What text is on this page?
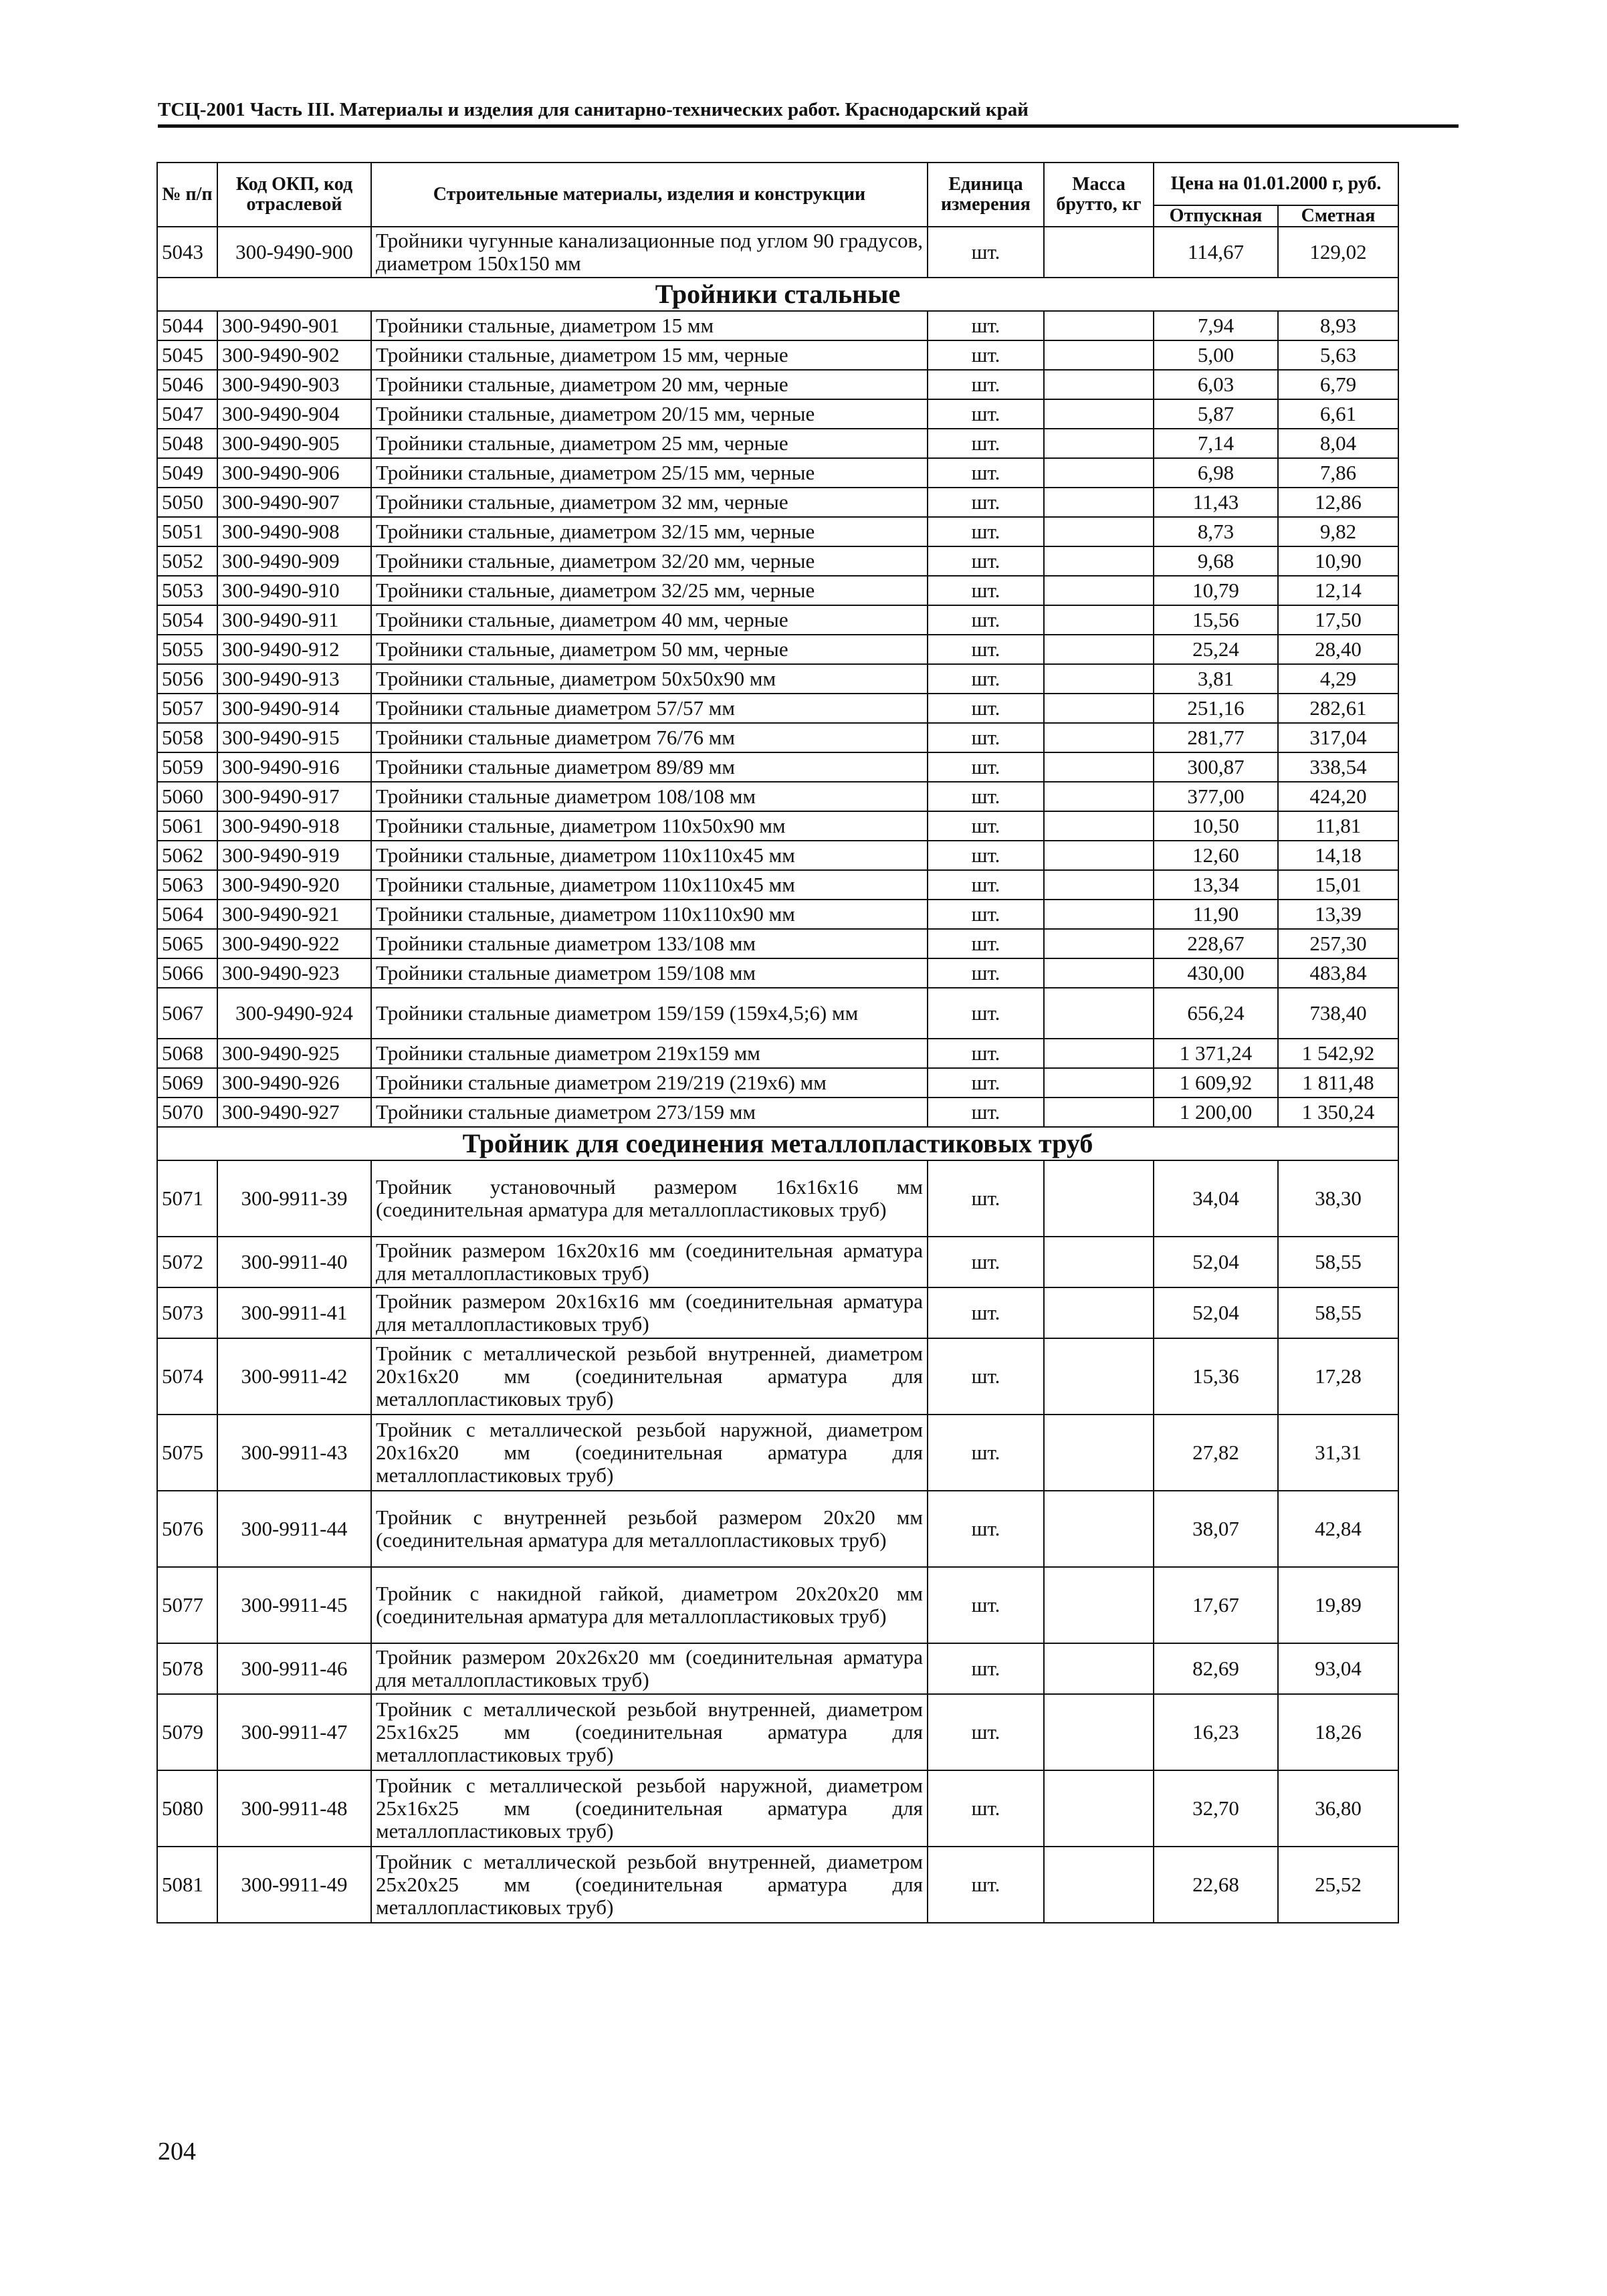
ТСЦ-2001 Часть III. Материалы и изделия для санитарно-технических работ. Краснодарский край
№ п/п	Код ОКП, код отраслевой	Строительные материалы, изделия и конструкции	Единица измерения	Масса брутто, кг	Цена на 01.01.2000 г, руб.	
					Отпускная	Сметная
5043	300-9490-900	Тройники чугунные канализационные под углом 90 градусов, диаметром 150x150 мм	шт.		114,67	129,02
Тройники стальные						
5044	300-9490-901	Тройники стальные, диаметром 15 мм	шт.		7,94	8,93
5045	300-9490-902	Тройники стальные, диаметром 15 мм, черные	шт.		5,00	5,63
5046	300-9490-903	Тройники стальные, диаметром 20 мм, черные	шт.		6,03	6,79
5047	300-9490-904	Тройники стальные, диаметром 20/15 мм, черные	шт.		5,87	6,61
5048	300-9490-905	Тройники стальные, диаметром 25 мм, черные	шт.		7,14	8,04
5049	300-9490-906	Тройники стальные, диаметром 25/15 мм, черные	шт.		6,98	7,86
5050	300-9490-907	Тройники стальные, диаметром 32 мм, черные	шт.		11,43	12,86
5051	300-9490-908	Тройники стальные, диаметром 32/15 мм, черные	шт.		8,73	9,82
5052	300-9490-909	Тройники стальные, диаметром 32/20 мм, черные	шт.		9,68	10,90
5053	300-9490-910	Тройники стальные, диаметром 32/25 мм, черные	шт.		10,79	12,14
5054	300-9490-911	Тройники стальные, диаметром 40 мм, черные	шт.		15,56	17,50
5055	300-9490-912	Тройники стальные, диаметром 50 мм, черные	шт.		25,24	28,40
5056	300-9490-913	Тройники стальные, диаметром 50x50x90 мм	шт.		3,81	4,29
5057	300-9490-914	Тройники стальные диаметром 57/57 мм	шт.		251,16	282,61
5058	300-9490-915	Тройники стальные диаметром 76/76 мм	шт.		281,77	317,04
5059	300-9490-916	Тройники стальные диаметром 89/89 мм	шт.		300,87	338,54
5060	300-9490-917	Тройники стальные диаметром 108/108 мм	шт.		377,00	424,20
5061	300-9490-918	Тройники стальные, диаметром 110x50x90 мм	шт.		10,50	11,81
5062	300-9490-919	Тройники стальные, диаметром 110x110x45 мм	шт.		12,60	14,18
5063	300-9490-920	Тройники стальные, диаметром 110x110x45 мм	шт.		13,34	15,01
5064	300-9490-921	Тройники стальные, диаметром 110x110x90 мм	шт.		11,90	13,39
5065	300-9490-922	Тройники стальные диаметром 133/108 мм	шт.		228,67	257,30
5066	300-9490-923	Тройники стальные диаметром 159/108 мм	шт.		430,00	483,84
5067	300-9490-924	Тройники стальные диаметром 159/159 (159x4,5;6) мм	шт.		656,24	738,40
5068	300-9490-925	Тройники стальные диаметром 219x159 мм	шт.		1 371,24	1 542,92
5069	300-9490-926	Тройники стальные диаметром 219/219 (219x6) мм	шт.		1 609,92	1 811,48
5070	300-9490-927	Тройники стальные диаметром 273/159 мм	шт.		1 200,00	1 350,24
Тройник для соединения металлопластиковых труб						
5071	300-9911-39	Тройник установочный размером 16x16x16 мм (соединительная арматура для металлопластиковых труб)	шт.		34,04	38,30
5072	300-9911-40	Тройник размером 16x20x16 мм (соединительная арматура для металлопластиковых труб)	шт.		52,04	58,55
5073	300-9911-41	Тройник размером 20x16x16 мм (соединительная арматура для металлопластиковых труб)	шт.		52,04	58,55
5074	300-9911-42	Тройник с металлической резьбой внутренней, диаметром 20x16x20 мм (соединительная арматура для металлопластиковых труб)	шт.		15,36	17,28
5075	300-9911-43	Тройник с металлической резьбой наружной, диаметром 20x16x20 мм (соединительная арматура для металлопластиковых труб)	шт.		27,82	31,31
5076	300-9911-44	Тройник с внутренней резьбой размером 20x20 мм (соединительная арматура для металлопластиковых труб)	шт.		38,07	42,84
5077	300-9911-45	Тройник с накидной гайкой, диаметром 20x20x20 мм (соединительная арматура для металлопластиковых труб)	шт.		17,67	19,89
5078	300-9911-46	Тройник размером 20x26x20 мм (соединительная арматура для металлопластиковых труб)	шт.		82,69	93,04
5079	300-9911-47	Тройник с металлической резьбой внутренней, диаметром 25x16x25 мм (соединительная арматура для металлопластиковых труб)	шт.		16,23	18,26
5080	300-9911-48	Тройник с металлической резьбой наружной, диаметром 25x16x25 мм (соединительная арматура для металлопластиковых труб)	шт.		32,70	36,80
5081	300-9911-49	Тройник с металлической резьбой внутренней, диаметром 25x20x25 мм (соединительная арматура для металлопластиковых труб)	шт.		22,68	25,52
204
